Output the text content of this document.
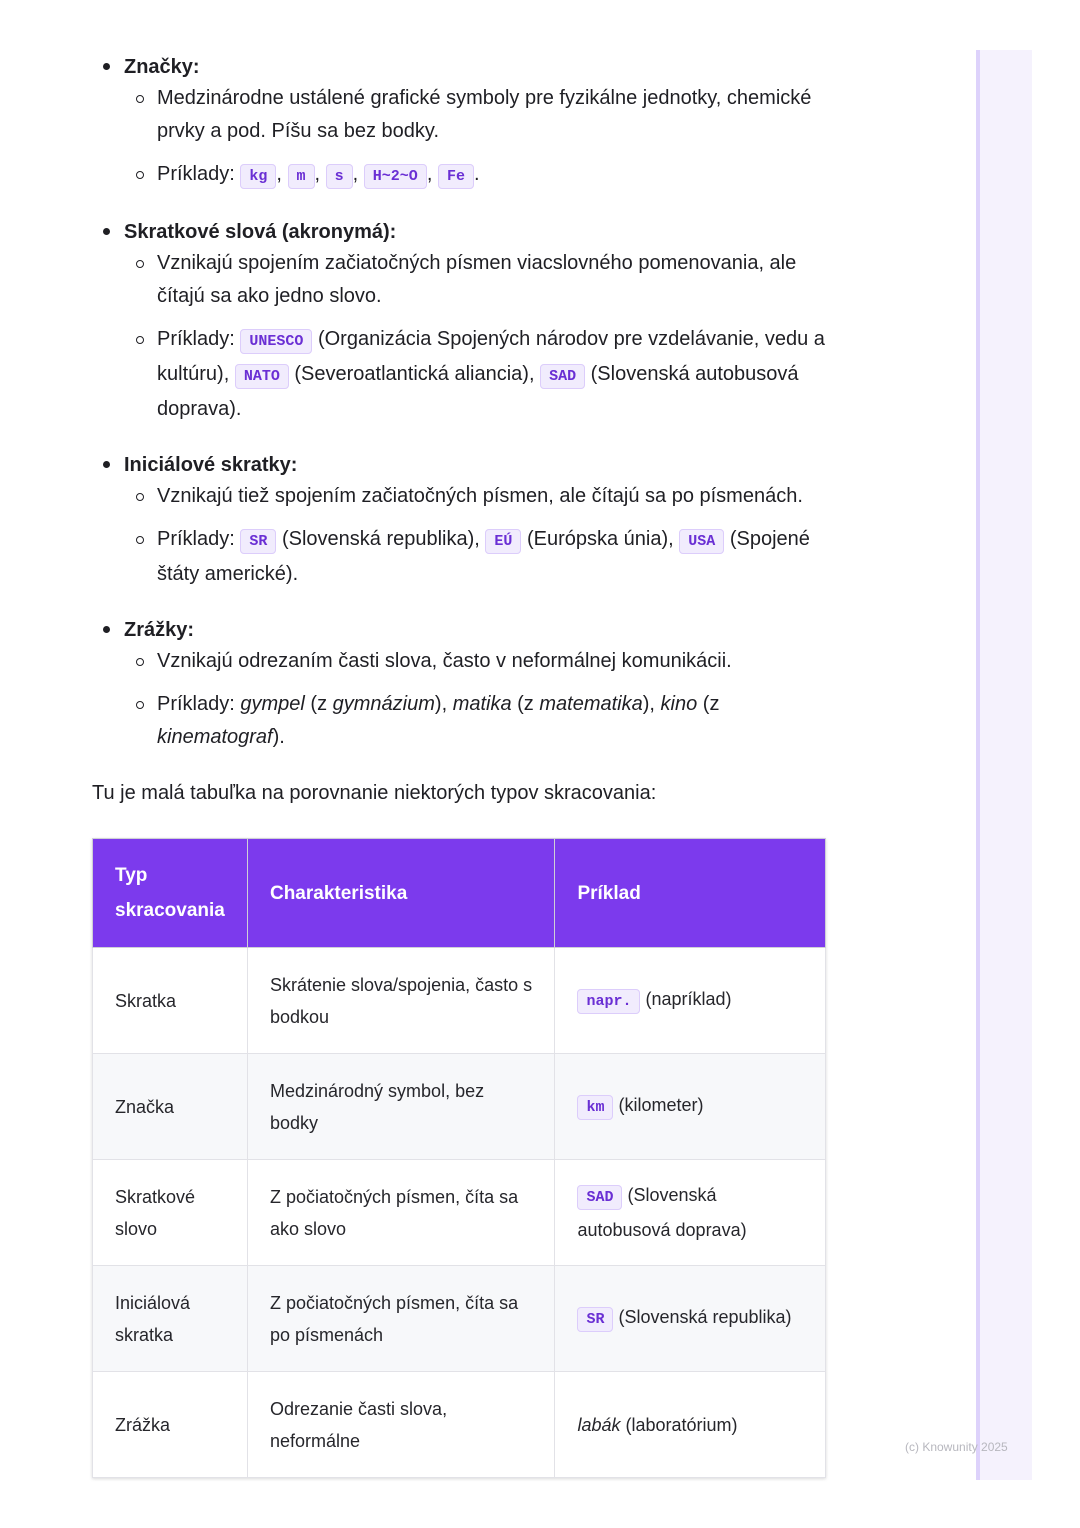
Značky:
Medzinárodne ustálené grafické symboly pre fyzikálne jednotky, chemické prvky a pod. Píšu sa bez bodky.
Príklady: kg , m , s , H~2~O , Fe .
Skratkové slová (akronymá):
Vznikajú spojením začiatočných písmen viacslovného pomenovania, ale čítajú sa ako jedno slovo.
Príklady: UNESCO (Organizácia Spojených národov pre vzdelávanie, vedu a kultúru), NATO (Severoatlantická aliancia), SAD (Slovenská autobusová doprava).
Iniciálové skratky:
Vznikajú tiež spojením začiatočných písmen, ale čítajú sa po písmenách.
Príklady: SR (Slovenská republika), EÚ (Európska únia), USA (Spojené štáty americké).
Zrážky:
Vznikajú odrezaním časti slova, často v neformálnej komunikácii.
Príklady: gympel (z gymnázium), matika (z matematika), kino (z kinematograf).

Tu je malá tabuľka na porovnanie niektorých typov skracovania:

Typ skracovania	Charakteristika	Príklad
Skratka	Skrátenie slova/spojenia, často s bodkou	napr. (napríklad)
Značka	Medzinárodný symbol, bez bodky	km (kilometer)
Skratkové slovo	Z počiatočných písmen, číta sa ako slovo	SAD (Slovenská autobusová doprava)
Iniciálová skratka	Z počiatočných písmen, číta sa po písmenách	SR (Slovenská republika)
Zrážka	Odrezanie časti slova, neformálne	labák (laboratórium)
(c) Knowunity 2025
